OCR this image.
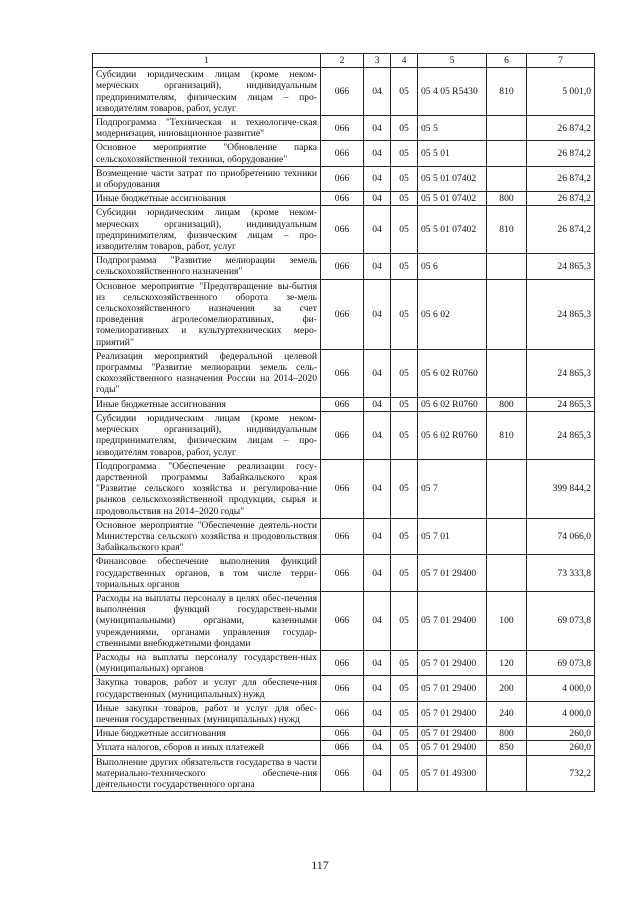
1	2	3	4	5	6	7
Субсидии юридическим лицам (кроме неком-мерческих организаций), индивидуальным предпринимателям, физическим лицам – про-изводителям товаров, работ, услуг	066	04	05	05 4 05 R5430	810	5 001,0
Подпрограмма "Техническая и технологиче-ская модернизация, инновационное развитие"	066	04	05	05 5		26 874,2
Основное мероприятие "Обновление парка сельскохозяйственной техники, оборудование"	066	04	05	05 5 01		26 874,2
Возмещение части затрат по приобретению техники и оборудования	066	04	05	05 5 01 07402		26 874,2
Иные бюджетные ассигнования	066	04	05	05 5 01 07402	800	26 874,2
Субсидии юридическим лицам (кроме неком-мерческих организаций), индивидуальным предпринимателям, физическим лицам – про-изводителям товаров, работ, услуг	066	04	05	05 5 01 07402	810	26 874,2
Подпрограмма "Развитие мелиорации земель сельскохозяйственного назначения"	066	04	05	05 6		24 865,3
Основное мероприятие "Предотвращение вы-бытия из сельскохозяйственного оборота зе-мель сельскохозяйственного назначения за счет проведения агролесомелиоративных, фи-томелиоративных и культуртехнических меро-приятий"	066	04	05	05 6 02		24 865,3
Реализация мероприятий федеральной целевой программы "Развитие мелиорации земель сель-скохозяйственного назначения России на 2014–2020 годы"	066	04	05	05 6 02 R0760		24 865,3
Иные бюджетные ассигнования	066	04	05	05 6 02 R0760	800	24 865,3
Субсидии юридическим лицам (кроме неком-мерческих организаций), индивидуальным предпринимателям, физическим лицам – про-изводителям товаров, работ, услуг	066	04	05	05 6 02 R0760	810	24 865,3
Подпрограмма "Обеспечение реализации госу-дарственной программы Забайкальского края "Развитие сельского хозяйства и регулирова-ние рынков сельскохозяйственной продукции, сырья и продовольствия на 2014–2020 годы"	066	04	05	05 7		399 844,2
Основное мероприятие "Обеспечение деятель-ности Министерства сельского хозяйства и продовольствия Забайкальского края"	066	04	05	05 7 01		74 066,0
Финансовое обеспечение выполнения функций государственных органов, в том числе терри-ториальных органов	066	04	05	05 7 01 29400		73 333,8
Расходы на выплаты персоналу в целях обес-печения выполнения функций государствен-ными (муниципальными) органами, казенными учреждениями, органами управления государ-ственными внебюджетными фондами	066	04	05	05 7 01 29400	100	69 073,8
Расходы на выплаты персоналу государствен-ных (муниципальных) органов	066	04	05	05 7 01 29400	120	69 073,8
Закупка товаров, работ и услуг для обеспече-ния государственных (муниципальных) нужд	066	04	05	05 7 01 29400	200	4 000,0
Иные закупки товаров, работ и услуг для обес-печения государственных (муниципальных) нужд	066	04	05	05 7 01 29400	240	4 000,0
Иные бюджетные ассигнования	066	04	05	05 7 01 29400	800	260,0
Уплата налогов, сборов и иных платежей	066	04	05	05 7 01 29400	850	260,0
Выполнение других обязательств государства в части материально-технического обеспече-ния деятельности государственного органа	066	04	05	05 7 01 49300		732,2
117
